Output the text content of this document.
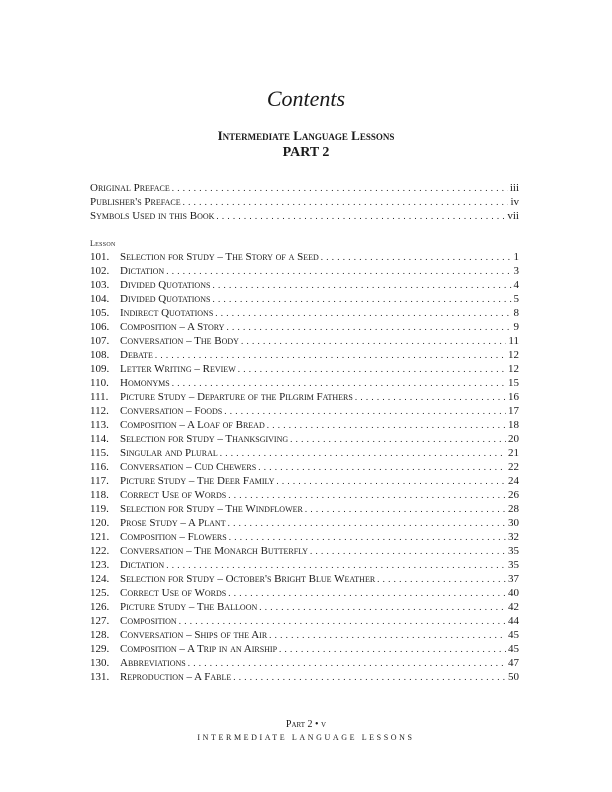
Contents
Intermediate Language Lessons
PART 2
Original Preface . . .	iii
Publisher's Preface . . .	iv
Symbols Used in this Book . . .	vii
Lesson
101. Selection for Study – The Story of a Seed . . .	1
102. Dictation . . .	3
103. Divided Quotations . . .	4
104. Divided Quotations . . .	5
105. Indirect Quotations . . .	8
106. Composition – A Story . . .	9
107. Conversation – The Body . . .	11
108. Debate . . .	12
109. Letter Writing – Review . . .	12
110.	Homonyms . . .	15
111.	Picture Study – Departure of the Pilgrim Fathers . . .	16
112.	Conversation – Foods . . .	17
113.	Composition – A Loaf of Bread . . .	18
114.	Selection for Study – Thanksgiving . . .	20
115.	Singular and Plural . . .	21
116.	Conversation – Cud Chewers . . .	22
117.	Picture Study – The Deer Family . . .	24
118.	Correct Use of Words . . .	26
119.	Selection for Study – The Windflower . . .	28
120. Prose Study – A Plant . . .	30
121. Composition – Flowers . . .	32
122. Conversation – The Monarch Butterfly . . .	35
123. Dictation . . .	35
124. Selection for Study – October's Bright Blue Weather . . .	37
125. Correct Use of Words . . .	40
126. Picture Study – The Balloon . . .	42
127. Composition . . .	44
128. Conversation – Ships of the Air . . .	45
129. Composition – A Trip in an Airship . . .	45
130. Abbreviations . . .	47
131. Reproduction – A Fable . . .	50
Part 2 • v
INTERMEDIATE LANGUAGE LESSONS
